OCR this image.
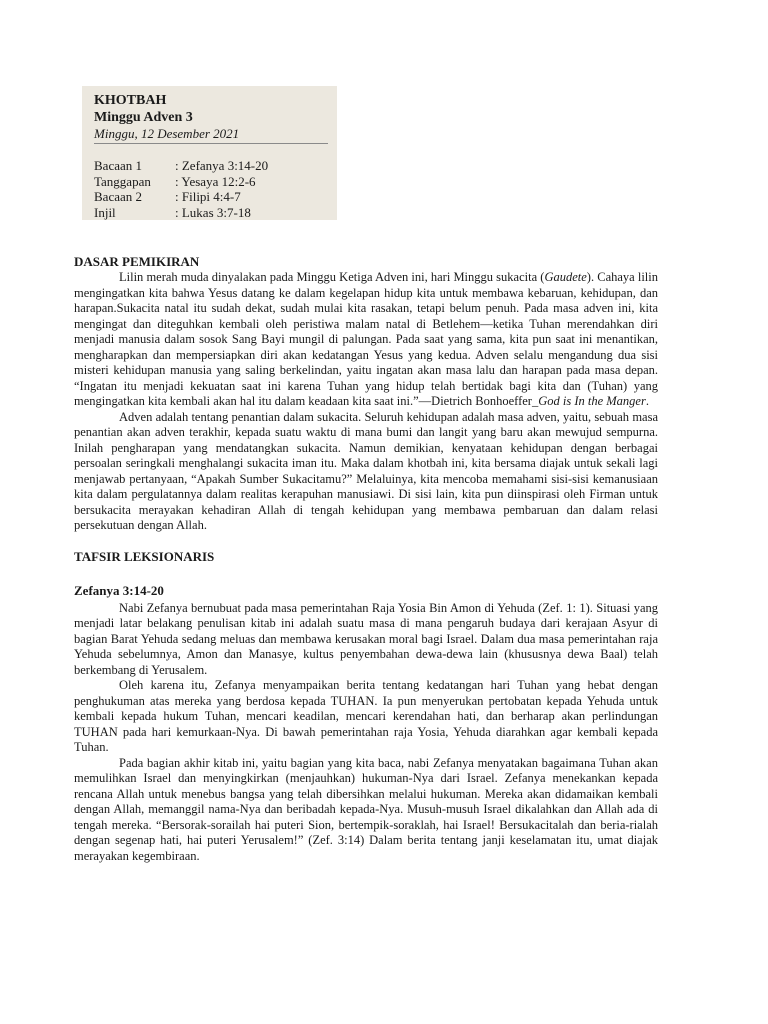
KHOTBAH
Minggu Adven 3
Minggu, 12 Desember 2021
Bacaan 1	: Zefanya 3:14-20
Tanggapan	: Yesaya 12:2-6
Bacaan 2	: Filipi 4:4-7
Injil	: Lukas 3:7-18
DASAR PEMIKIRAN

Lilin merah muda dinyalakan pada Minggu Ketiga Adven ini, hari Minggu sukacita (Gaudete). Cahaya lilin mengingatkan kita bahwa Yesus datang ke dalam kegelapan hidup kita untuk membawa kebaruan, kehidupan, dan harapan.Sukacita natal itu sudah dekat, sudah mulai kita rasakan, tetapi belum penuh. Pada masa adven ini, kita mengingat dan diteguhkan kembali oleh peristiwa malam natal di Betlehem—ketika Tuhan merendahkan diri menjadi manusia dalam sosok Sang Bayi mungil di palungan. Pada saat yang sama, kita pun saat ini menantikan, mengharapkan dan mempersiapkan diri akan kedatangan Yesus yang kedua. Adven selalu mengandung dua sisi misteri kehidupan manusia yang saling berkelindan, yaitu ingatan akan masa lalu dan harapan pada masa depan. “Ingatan itu menjadi kekuatan saat ini karena Tuhan yang hidup telah bertidak bagi kita dan (Tuhan) yang mengingatkan kita kembali akan hal itu dalam keadaan kita saat ini.”—Dietrich Bonhoeffer_God is In the Manger.

Adven adalah tentang penantian dalam sukacita. Seluruh kehidupan adalah masa adven, yaitu, sebuah masa penantian akan adven terakhir, kepada suatu waktu di mana bumi dan langit yang baru akan mewujud sempurna. Inilah pengharapan yang mendatangkan sukacita. Namun demikian, kenyataan kehidupan dengan berbagai persoalan seringkali menghalangi sukacita iman itu. Maka dalam khotbah ini, kita bersama diajak untuk sekali lagi menjawab pertanyaan, “Apakah Sumber Sukacitamu?” Melaluinya, kita mencoba memahami sisi-sisi kemanusiaan kita dalam pergulatannya dalam realitas kerapuhan manusiawi. Di sisi lain, kita pun diinspirasi oleh Firman untuk bersukacita merayakan kehadiran Allah di tengah kehidupan yang membawa pembaruan dan dalam relasi persekutuan dengan Allah.

TAFSIR LEKSIONARIS
Zefanya 3:14-20

Nabi Zefanya bernubuat pada masa pemerintahan Raja Yosia Bin Amon di Yehuda (Zef. 1: 1). Situasi yang menjadi latar belakang penulisan kitab ini adalah suatu masa di mana pengaruh budaya dari kerajaan Asyur di bagian Barat Yehuda sedang meluas dan membawa kerusakan moral bagi Israel. Dalam dua masa pemerintahan raja Yehuda sebelumnya, Amon dan Manasye, kultus penyembahan dewa-dewa lain (khususnya dewa Baal) telah berkembang di Yerusalem.

Oleh karena itu, Zefanya menyampaikan berita tentang kedatangan hari Tuhan yang hebat dengan penghukuman atas mereka yang berdosa kepada TUHAN. Ia pun menyerukan pertobatan kepada Yehuda untuk kembali kepada hukum Tuhan, mencari keadilan, mencari kerendahan hati, dan berharap akan perlindungan TUHAN pada hari kemurkaan-Nya. Di bawah pemerintahan raja Yosia, Yehuda diarahkan agar kembali kepada Tuhan.

Pada bagian akhir kitab ini, yaitu bagian yang kita baca, nabi Zefanya menyatakan bagaimana Tuhan akan memulihkan Israel dan menyingkirkan (menjauhkan) hukuman-Nya dari Israel. Zefanya menekankan kepada rencana Allah untuk menebus bangsa yang telah dibersihkan melalui hukuman. Mereka akan didamaikan kembali dengan Allah, memanggil nama-Nya dan beribadah kepada-Nya. Musuh-musuh Israel dikalahkan dan Allah ada di tengah mereka. “Bersorak-sorailah hai puteri Sion, bertempik-soraklah, hai Israel! Bersukacitalah dan beria-rialah dengan segenap hati, hai puteri Yerusalem!” (Zef. 3:14) Dalam berita tentang janji keselamatan itu, umat diajak merayakan kegembiraan.
